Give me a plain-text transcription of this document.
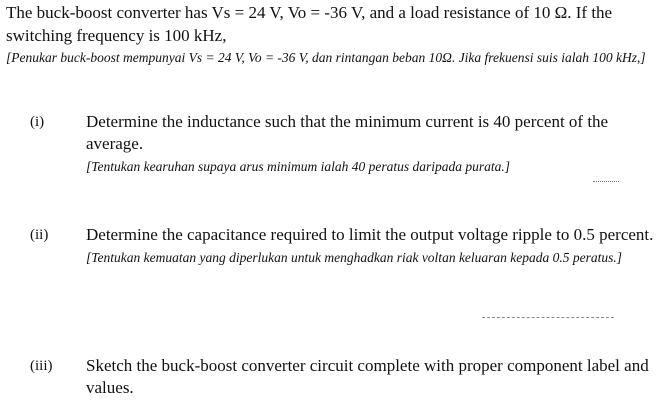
The buck-boost converter has Vs = 24 V, Vo = -36 V, and a load resistance of 10 Ω. If the switching frequency is 100 kHz,
[Penukar buck-boost mempunyai Vs = 24 V, Vo = -36 V, dan rintangan beban 10Ω. Jika frekuensi suis ialah 100 kHz,]
(i) Determine the inductance such that the minimum current is 40 percent of the average.
[Tentukan kearuhan supaya arus minimum ialah 40 peratus daripada purata.]
(ii) Determine the capacitance required to limit the output voltage ripple to 0.5 percent.
[Tentukan kemuatan yang diperlukan untuk menghadkan riak voltan keluaran kepada 0.5 peratus.]
(iii) Sketch the buck-boost converter circuit complete with proper component label and values.
